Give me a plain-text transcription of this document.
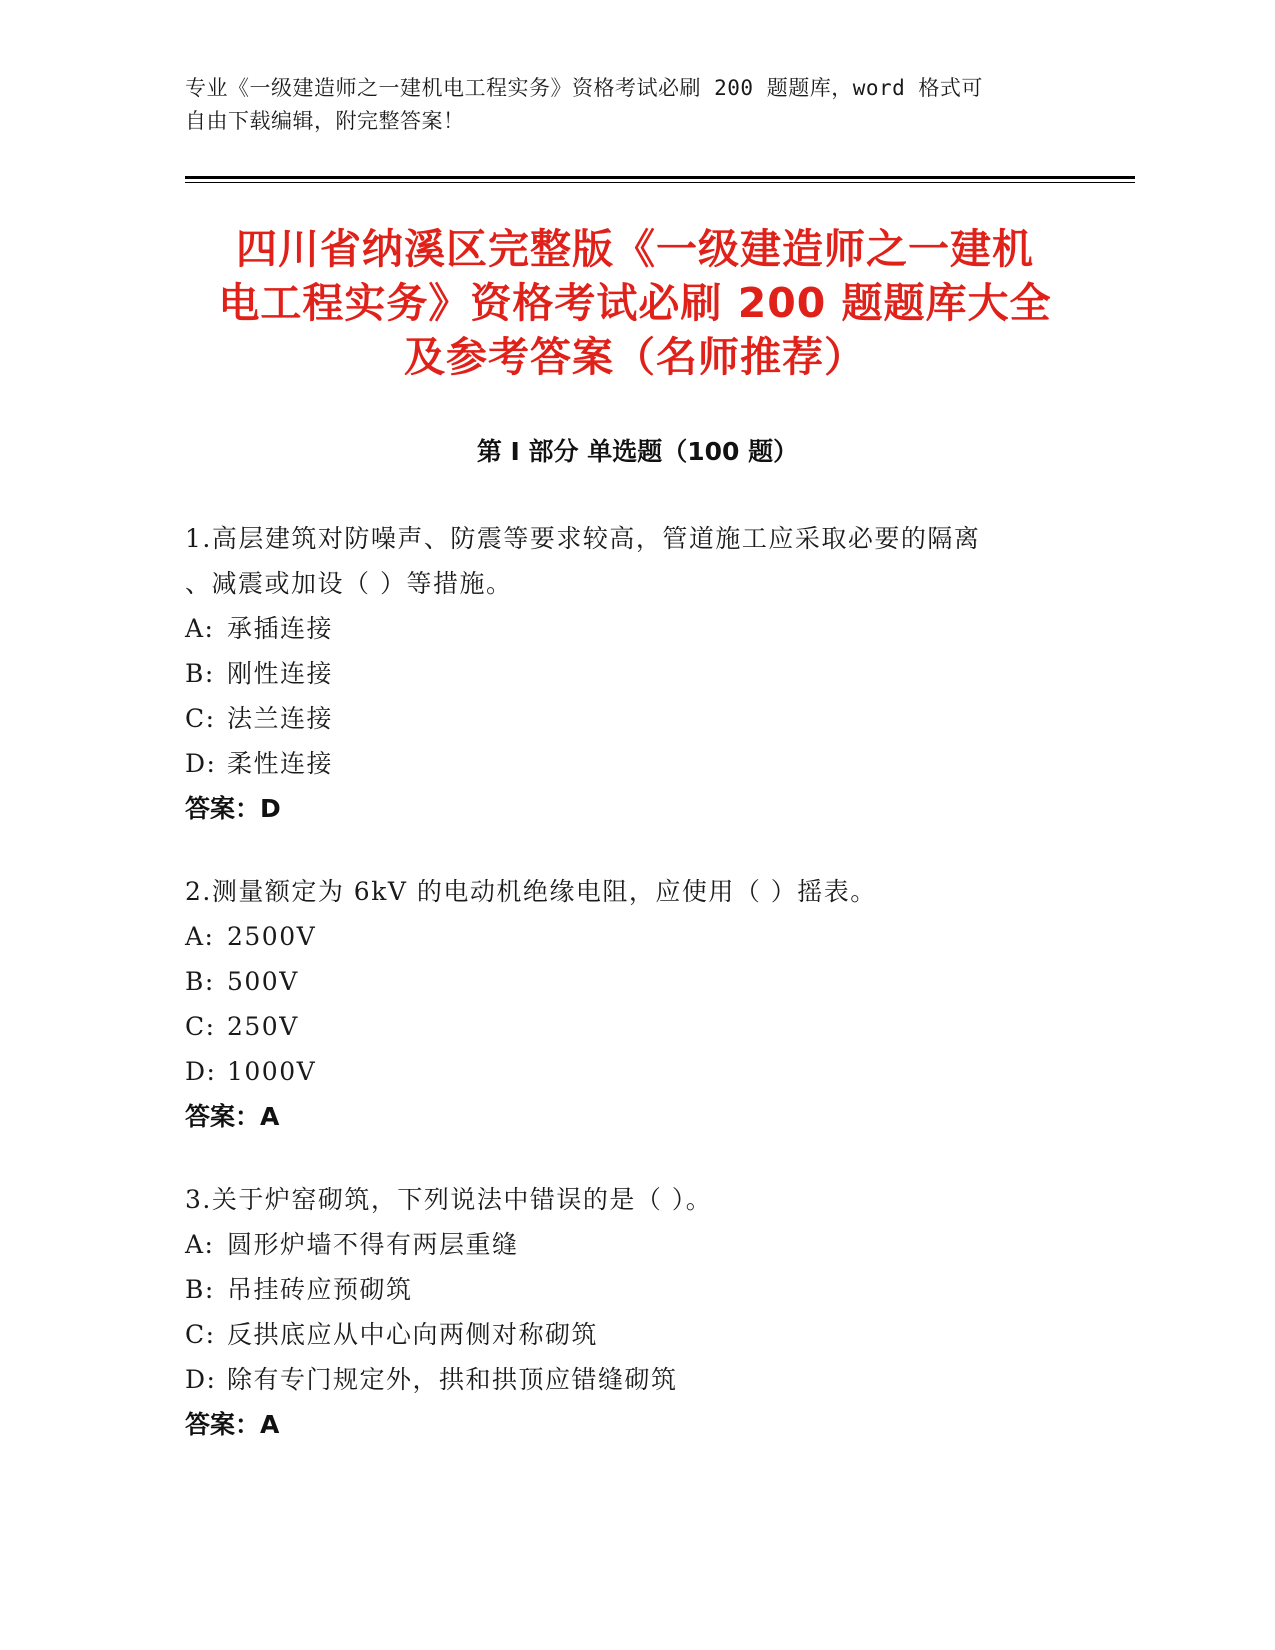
专业《一级建造师之一建机电工程实务》资格考试必刷 200 题题库，word 格式可
自由下载编辑，附完整答案！
四川省纳溪区完整版《一级建造师之一建机
电工程实务》资格考试必刷 200 题题库大全
及参考答案（名师推荐）
第 I 部分 单选题（100 题）
1.高层建筑对防噪声、防震等要求较高，管道施工应采取必要的隔离
、减震或加设（ ）等措施。
A: 承插连接
B: 刚性连接
C: 法兰连接
D: 柔性连接
答案：D
2.测量额定为 6kV 的电动机绝缘电阻，应使用（ ）摇表。
A: 2500V
B: 500V
C: 250V
D: 1000V
答案：A
3.关于炉窑砌筑，下列说法中错误的是（ ）。
A: 圆形炉墙不得有两层重缝
B: 吊挂砖应预砌筑
C: 反拱底应从中心向两侧对称砌筑
D: 除有专门规定外，拱和拱顶应错缝砌筑
答案：A
